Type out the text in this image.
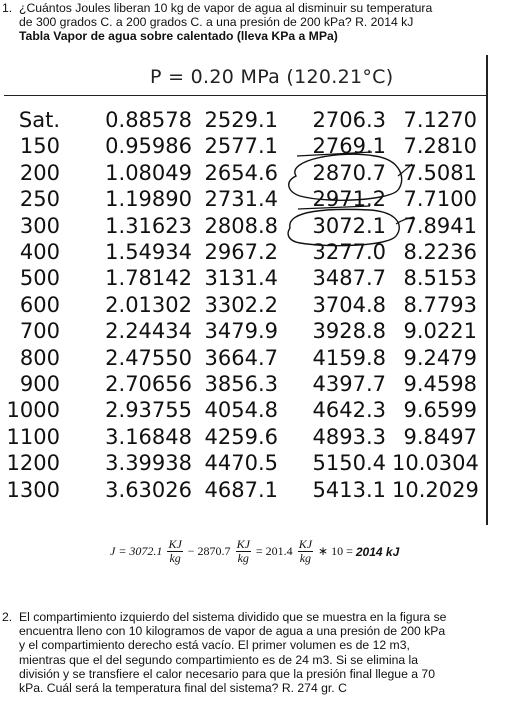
1. ¿Cuántos Joules liberan 10 kg de vapor de agua al disminuir su temperatura
de 300 grados C. a 200 grados C. a una presión de 200 kPa? R. 2014 kJ
Tabla Vapor de agua sobre calentado (lleva KPa a MPa)
P = 0.20 MPa (120.21°C)
Sat.	0.88578 2529.1	2706.3 7.1270
150	0.95986 2577.1	2769.1 7.2810
200	1.08049 2654.6	2870.7 7.5081
250	1.19890 2731.4	2971.2 7.7100
300	1.31623 2808.8	3072.1 7.8941
400	1.54934 2967.2	3277.0 8.2236
500	1.78142 3131.4	3487.7 8.5153
600	2.01302 3302.2	3704.8 8.7793
700	2.24434 3479.9	3928.8 9.0221
800	2.47550 3664.7	4159.8 9.2479
900	2.70656 3856.3	4397.7 9.4598
1000	2.93755 4054.8	4642.3 9.6599
1100	3.16848 4259.6	4893.3 9.8497
1200	3.39938 4470.5	5150.4 10.0304
1300	3.63026 4687.1	5413.1 10.2029
$J = 3072.1 \frac{KJ}{kg} - 2870.7 \frac{KJ}{kg} = 201.4 \frac{KJ}{kg}$ ∗ 10 = 2014 kJ
2. El compartimiento izquierdo del sistema dividido que se muestra en la figura se
encuentra lleno con 10 kilogramos de vapor de agua a una presión de 200 kPa
y el compartimiento derecho está vacío. El primer volumen es de 12 m3,
mientras que el del segundo compartimiento es de 24 m3. Si se elimina la
división y se transfiere el calor necesario para que la presión final llegue a 70
kPa. Cuál será la temperatura final del sistema? R. 274 gr. C
